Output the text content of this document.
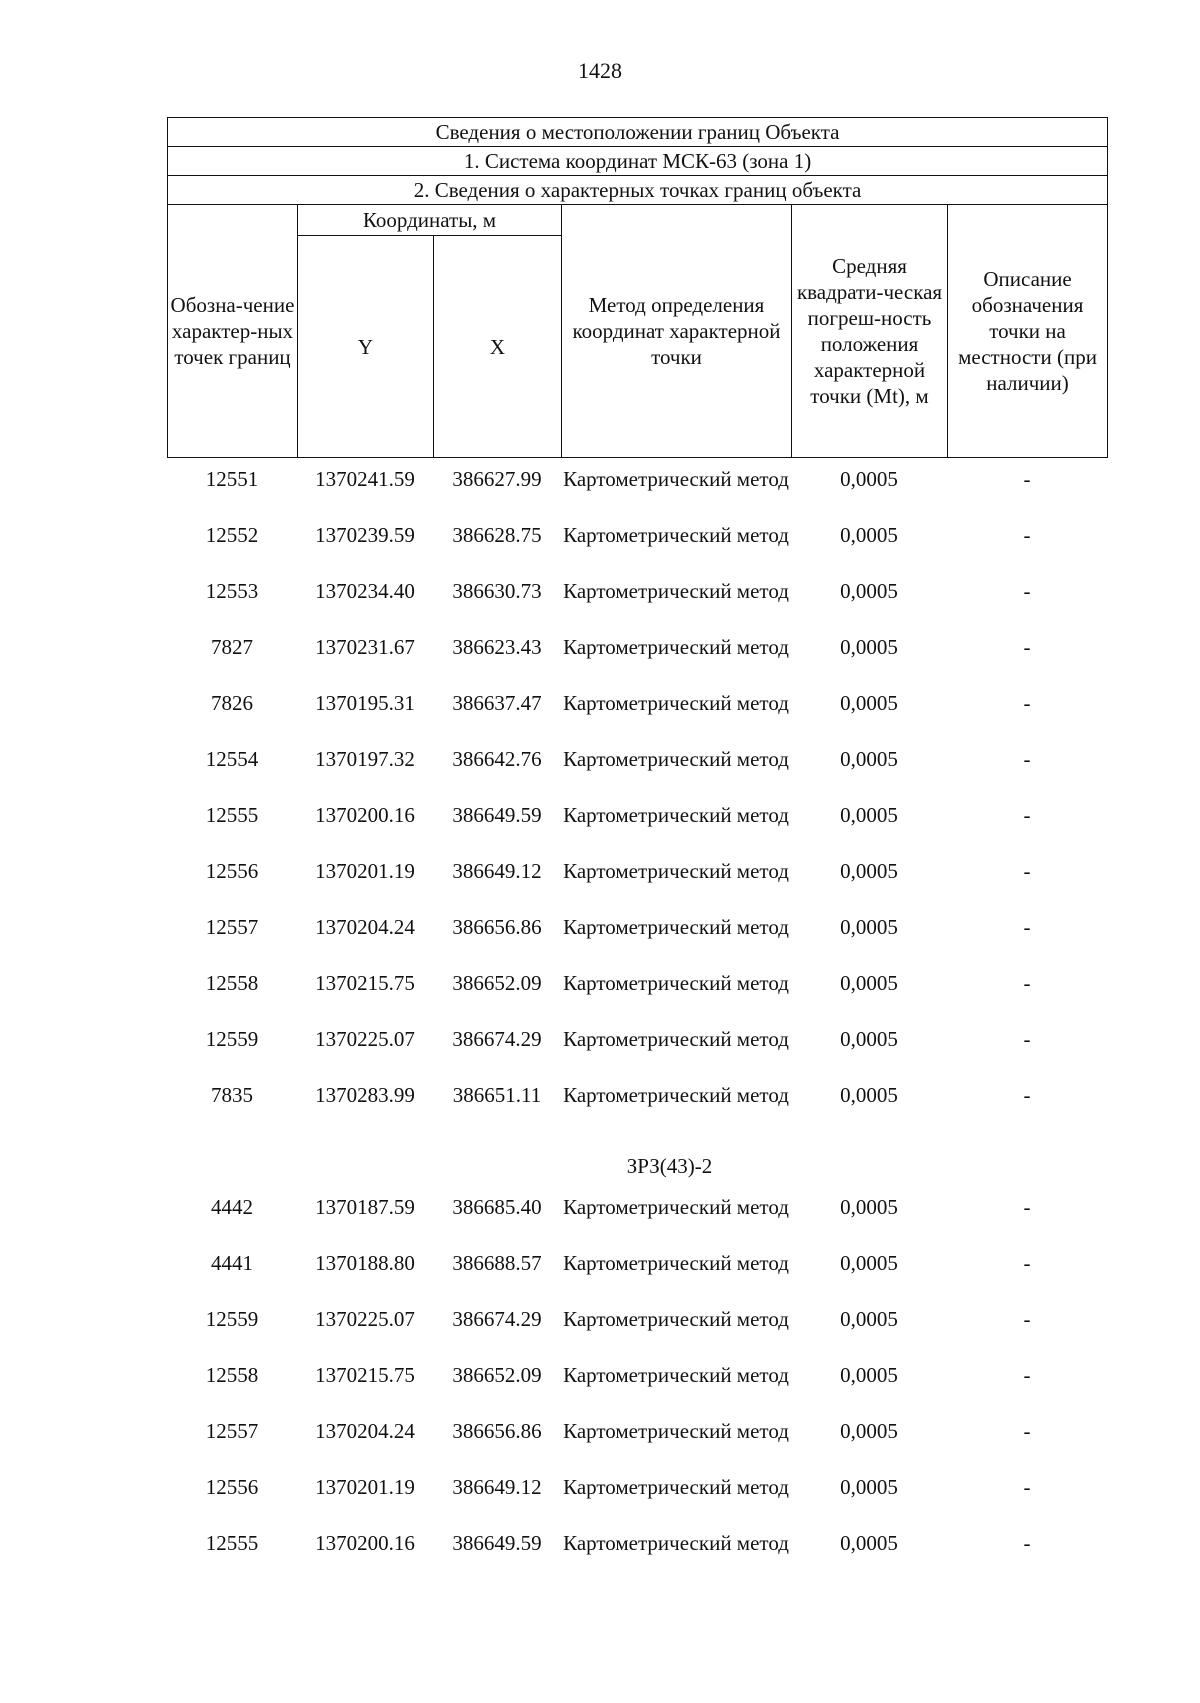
1428
Сведения о местоположении границ Объекта					
1. Система координат МСК-63 (зона 1)					
2. Сведения о характерных точках границ объекта					
Обозна-чение характер-ных точек границ	Координаты, м		Метод определения координат характерной точки	Средняя квадрати-ческая погреш-ность положения характерной точки (Mt), м	Описание обозначения точки на местности (при наличии)
	Y	X			
12551	1370241.59	386627.99	Картометрический метод	0,0005	-
12552	1370239.59	386628.75	Картометрический метод	0,0005	-
12553	1370234.40	386630.73	Картометрический метод	0,0005	-
7827	1370231.67	386623.43	Картометрический метод	0,0005	-
7826	1370195.31	386637.47	Картометрический метод	0,0005	-
12554	1370197.32	386642.76	Картометрический метод	0,0005	-
12555	1370200.16	386649.59	Картометрический метод	0,0005	-
12556	1370201.19	386649.12	Картометрический метод	0,0005	-
12557	1370204.24	386656.86	Картометрический метод	0,0005	-
12558	1370215.75	386652.09	Картометрический метод	0,0005	-
12559	1370225.07	386674.29	Картометрический метод	0,0005	-
7835	1370283.99	386651.11	Картометрический метод	0,0005	-
ЗРЗ(43)-2
4442	1370187.59	386685.40	Картометрический метод	0,0005	-
4441	1370188.80	386688.57	Картометрический метод	0,0005	-
12559	1370225.07	386674.29	Картометрический метод	0,0005	-
12558	1370215.75	386652.09	Картометрический метод	0,0005	-
12557	1370204.24	386656.86	Картометрический метод	0,0005	-
12556	1370201.19	386649.12	Картометрический метод	0,0005	-
12555	1370200.16	386649.59	Картометрический метод	0,0005	-
